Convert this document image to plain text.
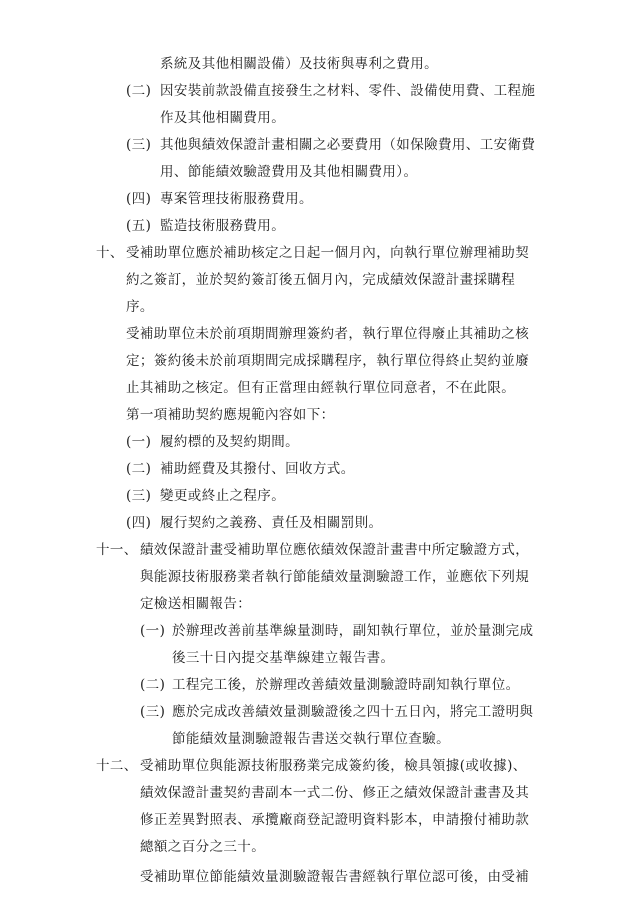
系統及其他相關設備）及技術與專利之費用。
(二) 因安裝前款設備直接發生之材料、零件、設備使用費、工程施
作及其他相關費用。
(三) 其他與績效保證計畫相關之必要費用（如保險費用、工安衛費
用、節能績效驗證費用及其他相關費用）。
(四) 專案管理技術服務費用。
(五) 監造技術服務費用。
十、 受補助單位應於補助核定之日起一個月內，向執行單位辦理補助契
約之簽訂，並於契約簽訂後五個月內，完成績效保證計畫採購程
序。
受補助單位未於前項期間辦理簽約者，執行單位得廢止其補助之核
定；簽約後未於前項期間完成採購程序，執行單位得終止契約並廢
止其補助之核定。但有正當理由經執行單位同意者，不在此限。
第一項補助契約應規範內容如下：
(一) 履約標的及契約期間。
(二) 補助經費及其撥付、回收方式。
(三) 變更或終止之程序。
(四) 履行契約之義務、責任及相關罰則。
十一、 績效保證計畫受補助單位應依績效保證計畫書中所定驗證方式，
與能源技術服務業者執行節能績效量測驗證工作，並應依下列規
定檢送相關報告：
(一) 於辦理改善前基準線量測時，副知執行單位，並於量測完成
後三十日內提交基準線建立報告書。
(二) 工程完工後，於辦理改善績效量測驗證時副知執行單位。
(三) 應於完成改善績效量測驗證後之四十五日內，將完工證明與
節能績效量測驗證報告書送交執行單位查驗。
十二、 受補助單位與能源技術服務業完成簽約後，檢具領據(或收據)、
績效保證計畫契約書副本一式二份、修正之績效保證計畫書及其
修正差異對照表、承攬廠商登記證明資料影本，申請撥付補助款
總額之百分之三十。
受補助單位節能績效量測驗證報告書經執行單位認可後，由受補
